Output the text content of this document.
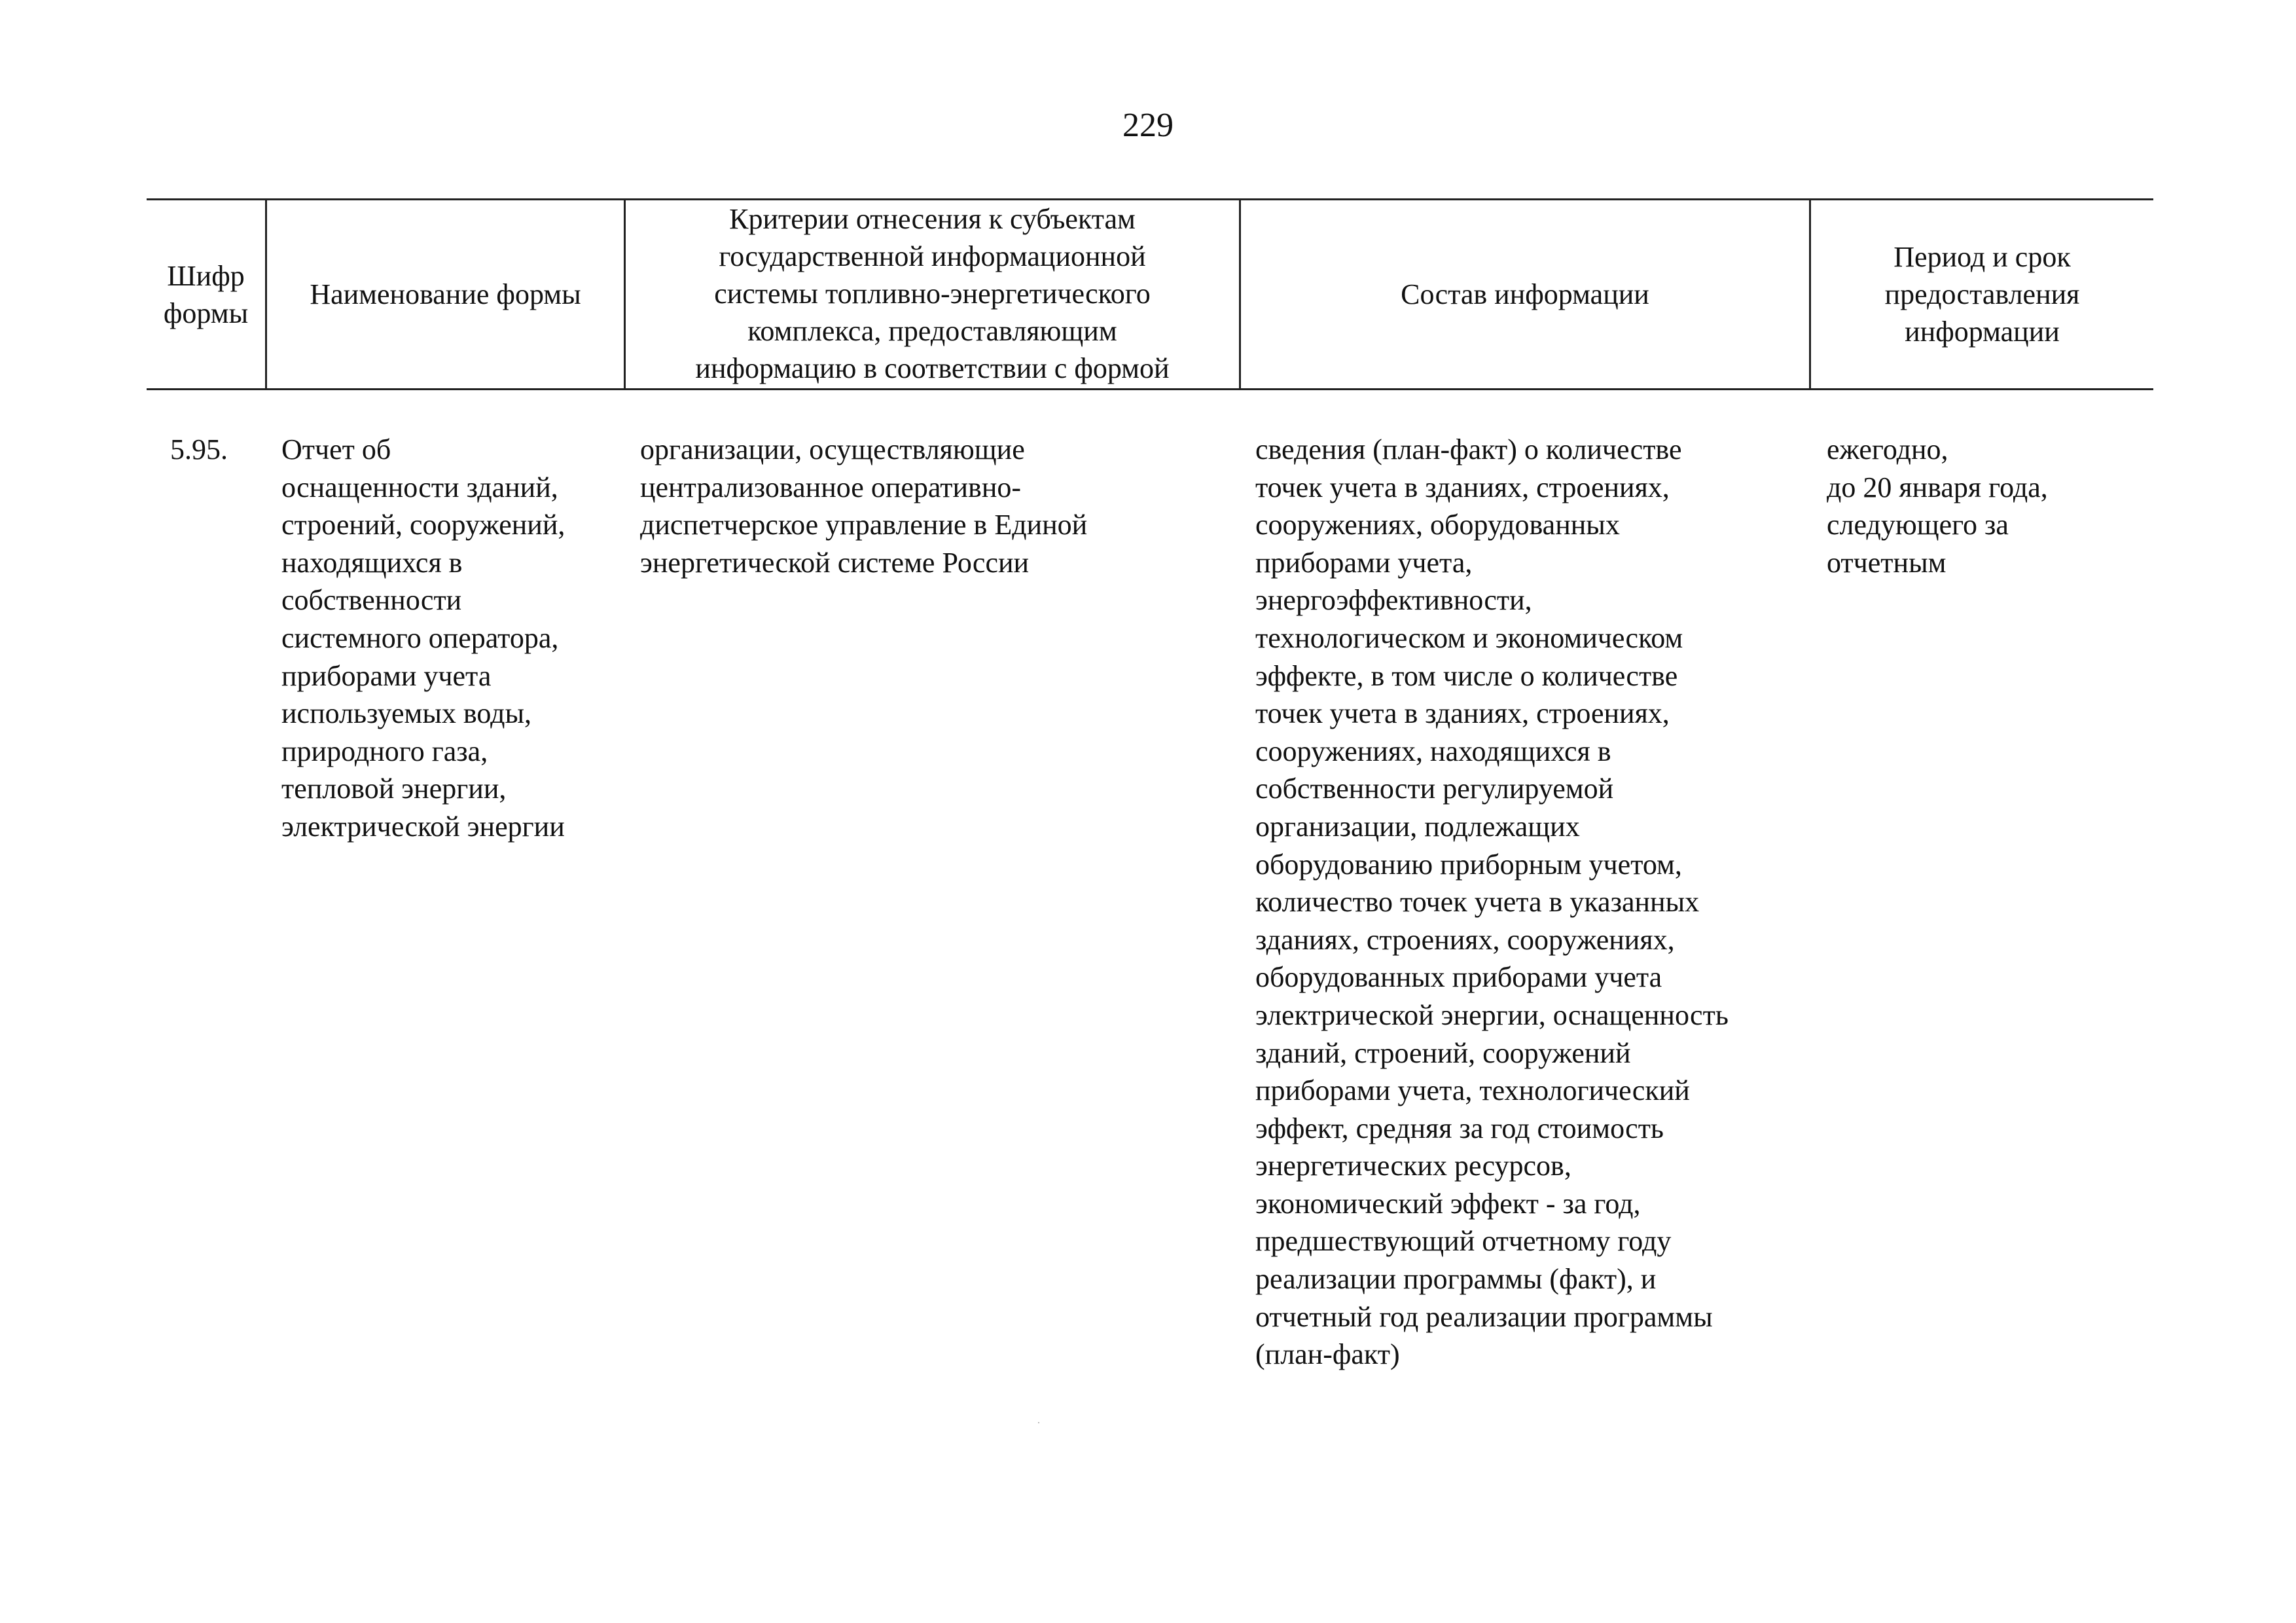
229
Шифр
формы
Наименование формы
Критерии отнесения к субъектам
государственной информационной
системы топливно-энергетического
комплекса, предоставляющим
информацию в соответствии с формой
Состав информации
Период и срок
предоставления
информации
5.95. Отчет об
оснащенности зданий,
строений, сооружений,
находящихся в
собственности
системного оператора,
приборами учета
используемых воды,
природного газа,
тепловой энергии,
электрической энергии
организации, осуществляющие
централизованное оперативно-
диспетчерское управление в Единой
энергетической системе России
сведения (план-факт) о количестве
точек учета в зданиях, строениях,
сооружениях, оборудованных
приборами учета,
энергоэффективности,
технологическом и экономическом
эффекте, в том числе о количестве
точек учета в зданиях, строениях,
сооружениях, находящихся в
собственности регулируемой
организации, подлежащих
оборудованию приборным учетом,
количество точек учета в указанных
зданиях, строениях, сооружениях,
оборудованных приборами учета
электрической энергии, оснащенность
зданий, строений, сооружений
приборами учета, технологический
эффект, средняя за год стоимость
энергетических ресурсов,
экономический эффект - за год,
предшествующий отчетному году
реализации программы (факт), и
отчетный год реализации программы
(план-факт)
ежегодно,
до 20 января года,
следующего за
отчетным
